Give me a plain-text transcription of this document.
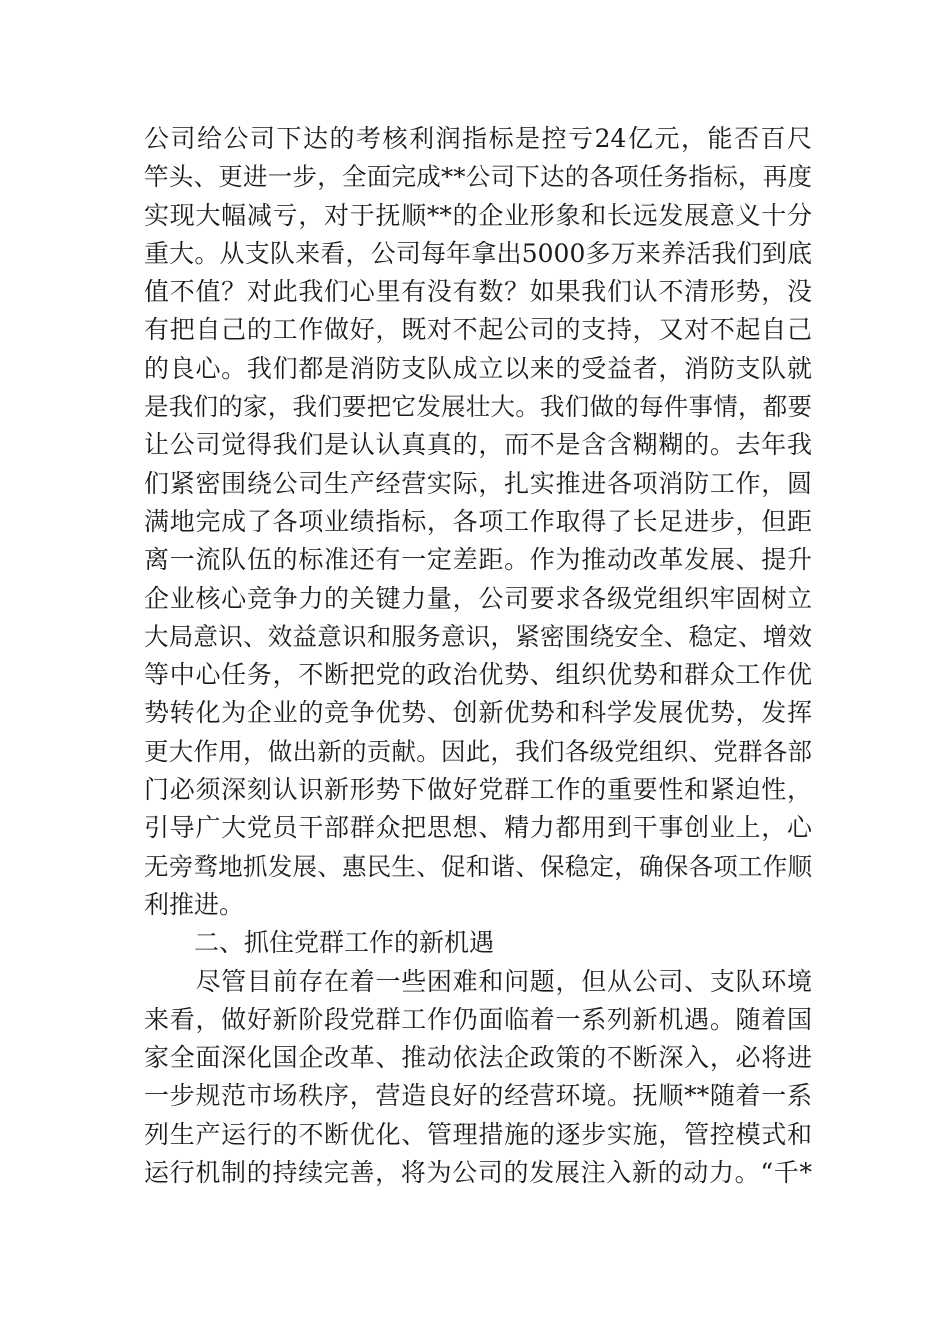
公司给公司下达的考核利润指标是控亏24亿元，能否百尺
竿头、更进一步，全面完成**公司下达的各项任务指标，再度
实现大幅减亏，对于抚顺**的企业形象和长远发展意义十分
重大。从支队来看，公司每年拿出5000多万来养活我们到底
值不值？对此我们心里有没有数？如果我们认不清形势，没
有把自己的工作做好，既对不起公司的支持，又对不起自己
的良心。我们都是消防支队成立以来的受益者，消防支队就
是我们的家，我们要把它发展壮大。我们做的每件事情，都要
让公司觉得我们是认认真真的，而不是含含糊糊的。去年我
们紧密围绕公司生产经营实际，扎实推进各项消防工作，圆
满地完成了各项业绩指标，各项工作取得了长足进步，但距
离一流队伍的标准还有一定差距。作为推动改革发展、提升
企业核心竞争力的关键力量，公司要求各级党组织牢固树立
大局意识、效益意识和服务意识，紧密围绕安全、稳定、增效
等中心任务，不断把党的政治优势、组织优势和群众工作优
势转化为企业的竞争优势、创新优势和科学发展优势，发挥
更大作用，做出新的贡献。因此，我们各级党组织、党群各部
门必须深刻认识新形势下做好党群工作的重要性和紧迫性，
引导广大党员干部群众把思想、精力都用到干事创业上，心
无旁骛地抓发展、惠民生、促和谐、保稳定，确保各项工作顺
利推进。
　　二、抓住党群工作的新机遇
　　尽管目前存在着一些困难和问题，但从公司、支队环境
来看，做好新阶段党群工作仍面临着一系列新机遇。随着国
家全面深化国企改革、推动依法企政策的不断深入，必将进
一步规范市场秩序，营造良好的经营环境。抚顺**随着一系
列生产运行的不断优化、管理措施的逐步实施，管控模式和
运行机制的持续完善，将为公司的发展注入新的动力。“千*
